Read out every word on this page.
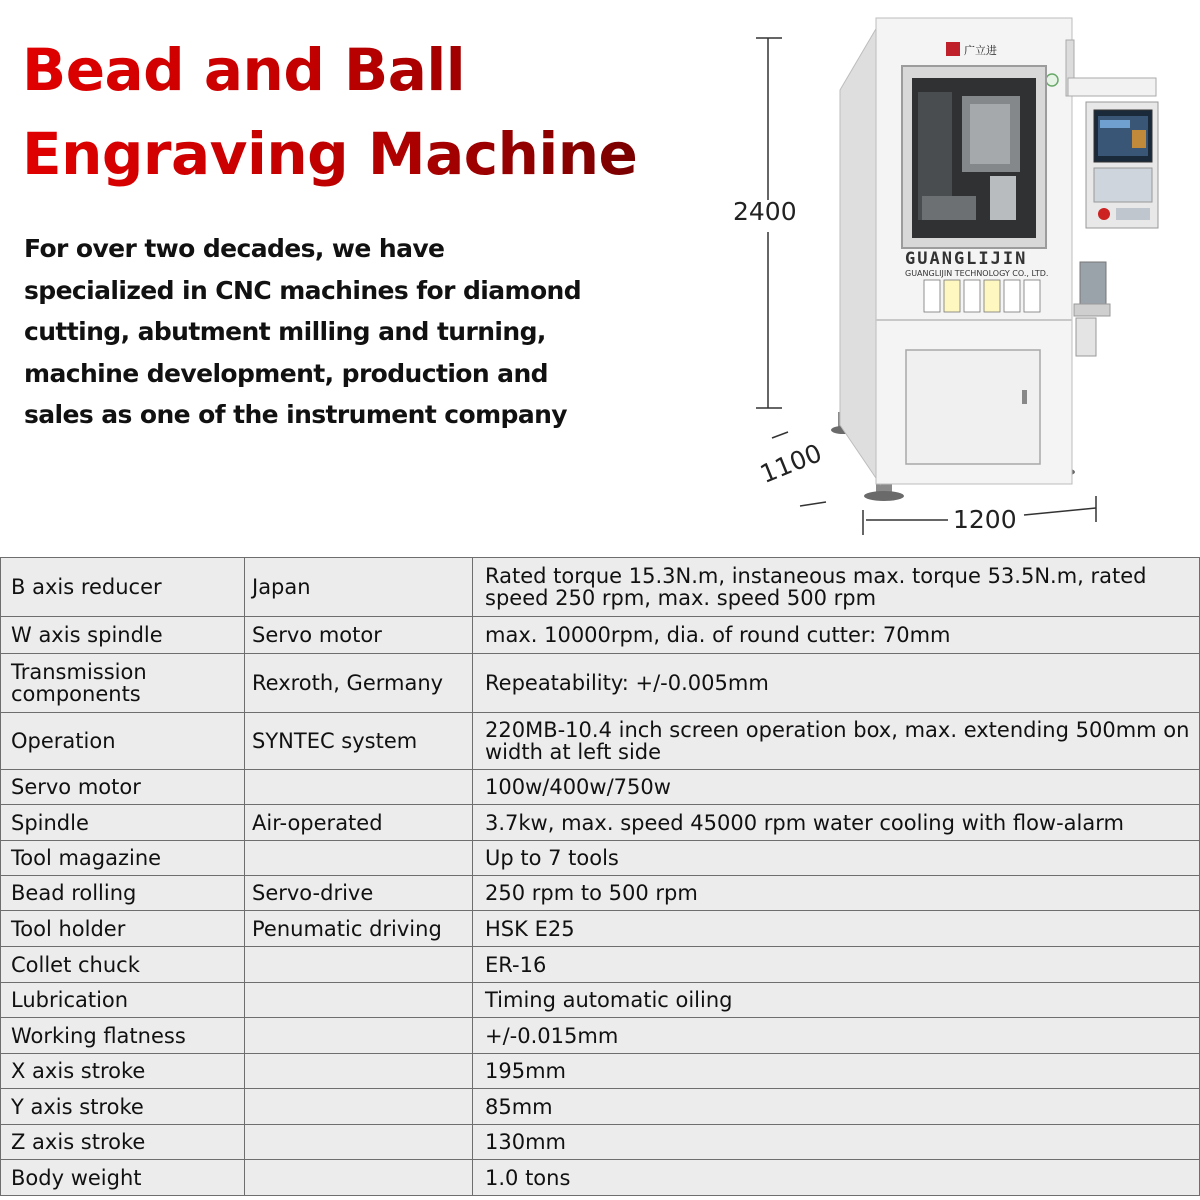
Bead and Ball
Engraving Machine

For over two decades, we have specialized in CNC machines for diamond cutting, abutment milling and turning, machine development, production and sales as one of the instrument company

2400
1100
1200
广立进
GUANGLIJIN
GUANGLIJIN TECHNOLOGY CO., LTD.
B axis reducer	Japan	Rated torque 15.3N.m, instaneous max. torque 53.5N.m, rated speed 250 rpm, max. speed 500 rpm
W axis spindle	Servo motor	max. 10000rpm, dia. of round cutter: 70mm
Transmission components	Rexroth, Germany	Repeatability: +/-0.005mm
Operation	SYNTEC system	220MB-10.4 inch screen operation box, max. extending 500mm on width at left side
Servo motor		100w/400w/750w
Spindle	Air-operated	3.7kw, max. speed 45000 rpm water cooling with flow-alarm
Tool magazine		Up to 7 tools
Bead rolling	Servo-drive	250 rpm to 500 rpm
Tool holder	Penumatic driving	HSK E25
Collet chuck		ER-16
Lubrication		Timing automatic oiling
Working flatness		+/-0.015mm
X axis stroke		195mm
Y axis stroke		85mm
Z axis stroke		130mm
Body weight		1.0 tons
